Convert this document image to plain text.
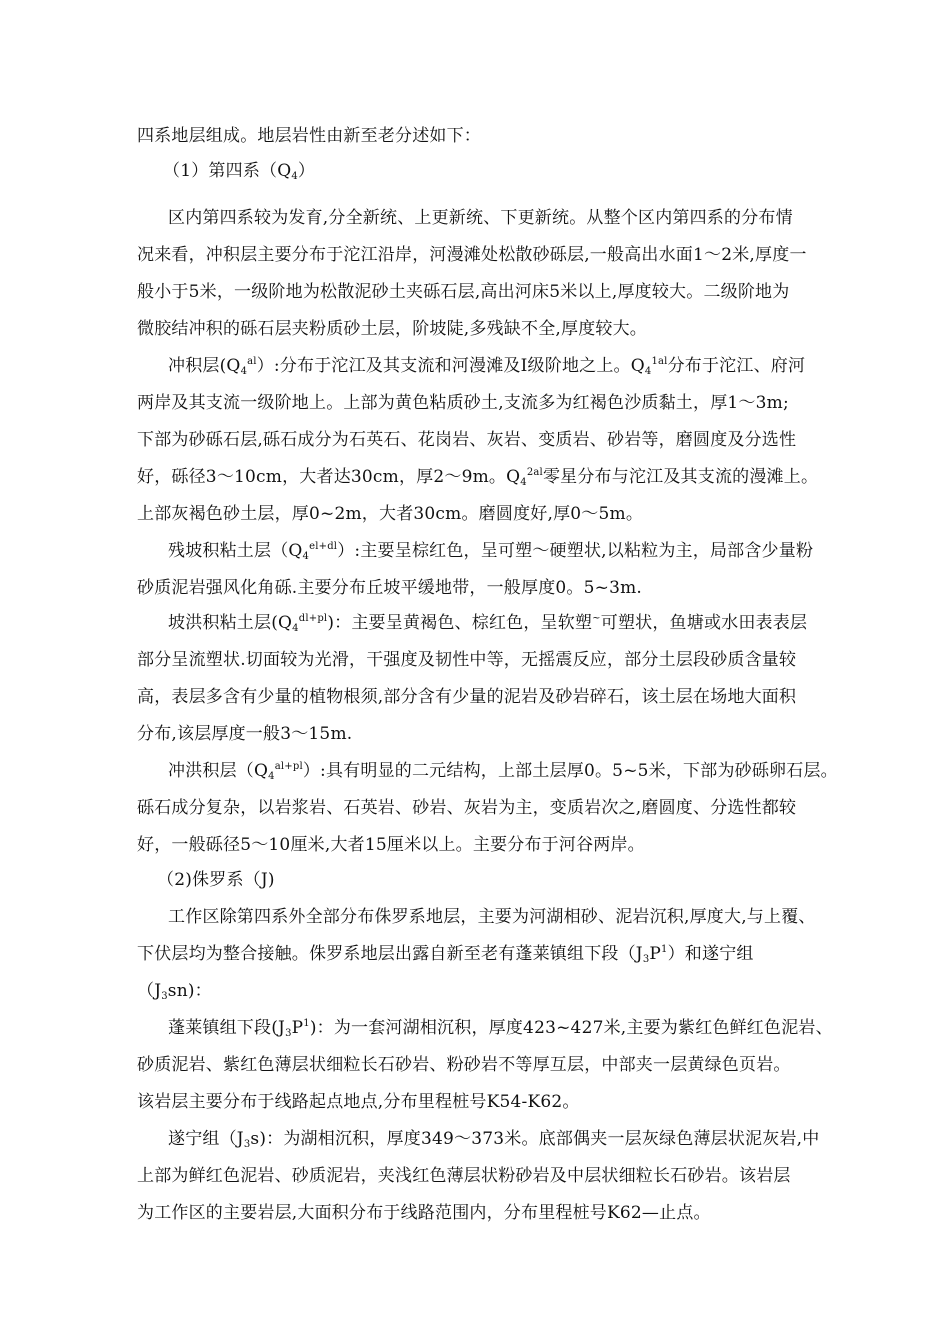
四系地层组成。地层岩性由新至老分述如下：
（1）第四系$(Q_4)$
区内第四系较为发育,分全新统、上更新统、下更新统。从整个区内第四系的分布情
况来看，冲积层主要分布于沱江沿岸，河漫滩处松散砂砾层,一般高出水面1～2米,厚度一
般小于5米，一级阶地为松散泥砂土夹砾石层,高出河床5米以上,厚度较大。二级阶地为
微胶结冲积的砾石层夹粉质砂土层，阶坡陡,多残缺不全,厚度较大。
冲积层$(Q_4^{al})$:分布于沱江及其支流和河漫滩及Ⅰ级阶地之上。$Q_4^{1al}$分布于沱江、府河
两岸及其支流一级阶地上。上部为黄色粘质砂土,支流多为红褐色沙质黏土，厚1～3m;
下部为砂砾石层,砾石成分为石英石、花岗岩、灰岩、变质岩、砂岩等，磨圆度及分选性
好，砾径3～10cm，大者达30cm，厚2～9m。$Q_4^{2al}$零星分布与沱江及其支流的漫滩上。
上部灰褐色砂土层，厚0~2m，大者30cm。磨圆度好,厚0～5m。
残坡积粘土层$(Q_4^{el+dl})$:主要呈棕红色，呈可塑～硬塑状,以粘粒为主，局部含少量粉
砂质泥岩强风化角砾.主要分布丘坡平缓地带，一般厚度0。5~3m.
坡洪积粘土层$(Q_4^{dl+pl})$：主要呈黄褐色、棕红色，呈软塑~可塑状，鱼塘或水田表表层
部分呈流塑状.切面较为光滑，干强度及韧性中等，无摇震反应，部分土层段砂质含量较
高，表层多含有少量的植物根须,部分含有少量的泥岩及砂岩碎石，该土层在场地大面积
分布,该层厚度一般3～15m.
冲洪积层$(Q_4^{al+pl})$:具有明显的二元结构，上部土层厚0。5~5米，下部为砂砾卵石层。
砾石成分复杂，以岩浆岩、石英岩、砂岩、灰岩为主，变质岩次之,磨圆度、分选性都较
好，一般砾径5～10厘米,大者15厘米以上。主要分布于河谷两岸。
（2)侏罗系（J)
工作区除第四系外全部分布侏罗系地层，主要为河湖相砂、泥岩沉积,厚度大,与上覆、
下伏层均为整合接触。侏罗系地层出露自新至老有蓬莱镇组下段$(J_3P^1)$和遂宁组
$(J_3sn)$：
蓬莱镇组下段$(J_3P^1)$：为一套河湖相沉积，厚度423~427米,主要为紫红色鲜红色泥岩、
砂质泥岩、紫红色薄层状细粒长石砂岩、粉砂岩不等厚互层，中部夹一层黄绿色页岩。
该岩层主要分布于线路起点地点,分布里程桩号K54-K62。
遂宁组$(J_3s)$：为湖相沉积，厚度349～373米。底部偶夹一层灰绿色薄层状泥灰岩,中
上部为鲜红色泥岩、砂质泥岩，夹浅红色薄层状粉砂岩及中层状细粒长石砂岩。该岩层
为工作区的主要岩层,大面积分布于线路范围内，分布里程桩号K62—止点。
